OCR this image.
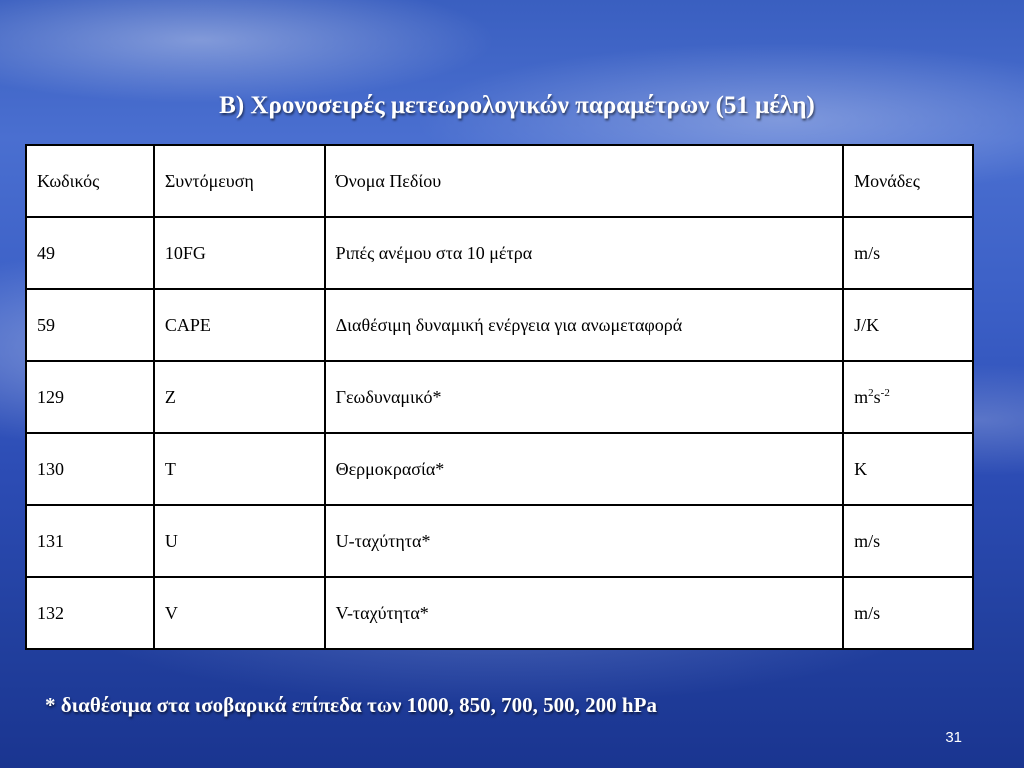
Β) Χρονοσειρές μετεωρολογικών παραμέτρων (51 μέλη)
Κωδικός	Συντόμευση	Όνομα Πεδίου	Μονάδες
49	10FG	Ριπές ανέμου στα 10 μέτρα	m/s
59	CAPE	Διαθέσιμη δυναμική ενέργεια για ανωμεταφορά	J/K
129	Z	Γεωδυναμικό*	$m^2s^{-2}$
130	T	Θερμοκρασία*	K
131	U	U-ταχύτητα*	m/s
132	V	V-ταχύτητα*	m/s
* διαθέσιμα στα ισοβαρικά επίπεδα των 1000, 850, 700, 500, 200 hPa
31
